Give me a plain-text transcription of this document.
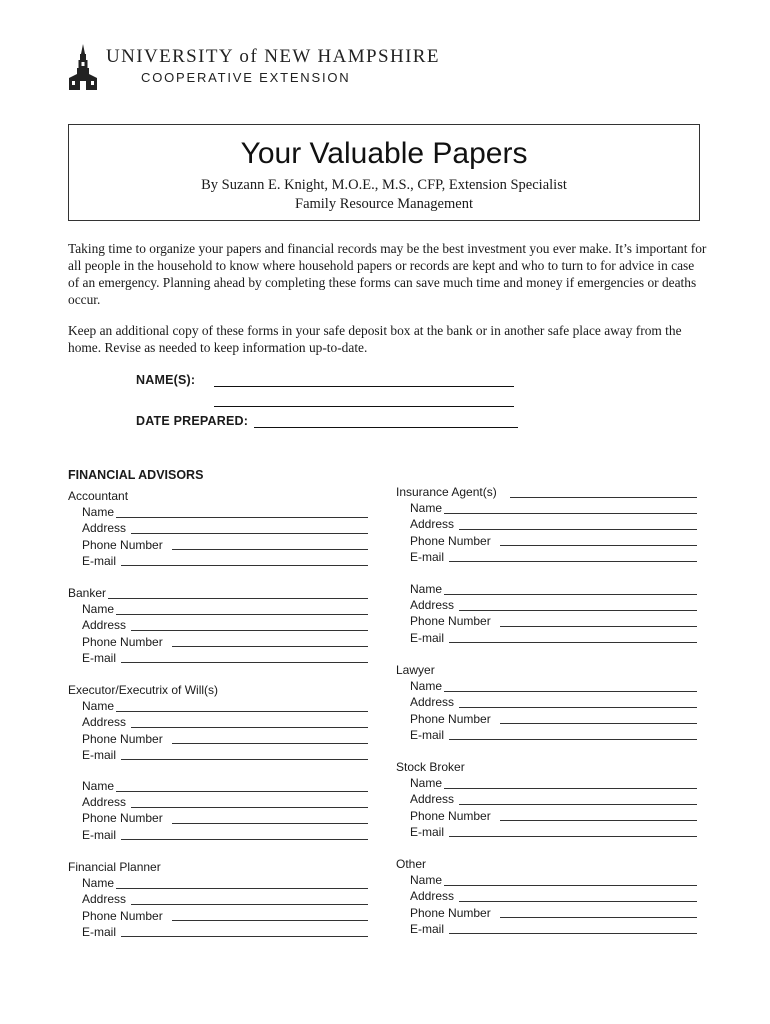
UNIVERSITY of NEW HAMPSHIRE
COOPERATIVE EXTENSION
Your Valuable Papers
By Suzann E. Knight, M.O.E., M.S., CFP, Extension Specialist
Family Resource Management

Taking time to organize your papers and financial records may be the best investment you ever make. It’s important for all people in the household to know where household papers or records are kept and who to turn to for advice in case of an emergency. Planning ahead by completing these forms can save much time and money if emergencies or deaths occur.

Keep an additional copy of these forms in your safe deposit box at the bank or in another safe place away from the home. Revise as needed to keep information up-to-date.

NAME(S):
DATE PREPARED:
FINANCIAL ADVISORS
Accountant
Name
Address
Phone Number
E-mail
Banker
Name
Address
Phone Number
E-mail
Executor/Executrix of Will(s)
Name
Address
Phone Number
E-mail
Name
Address
Phone Number
E-mail
Financial Planner
Name
Address
Phone Number
E-mail
Insurance Agent(s)
Name
Address
Phone Number
E-mail
Name
Address
Phone Number
E-mail
Lawyer
Name
Address
Phone Number
E-mail
Stock Broker
Name
Address
Phone Number
E-mail
Other
Name
Address
Phone Number
E-mail
